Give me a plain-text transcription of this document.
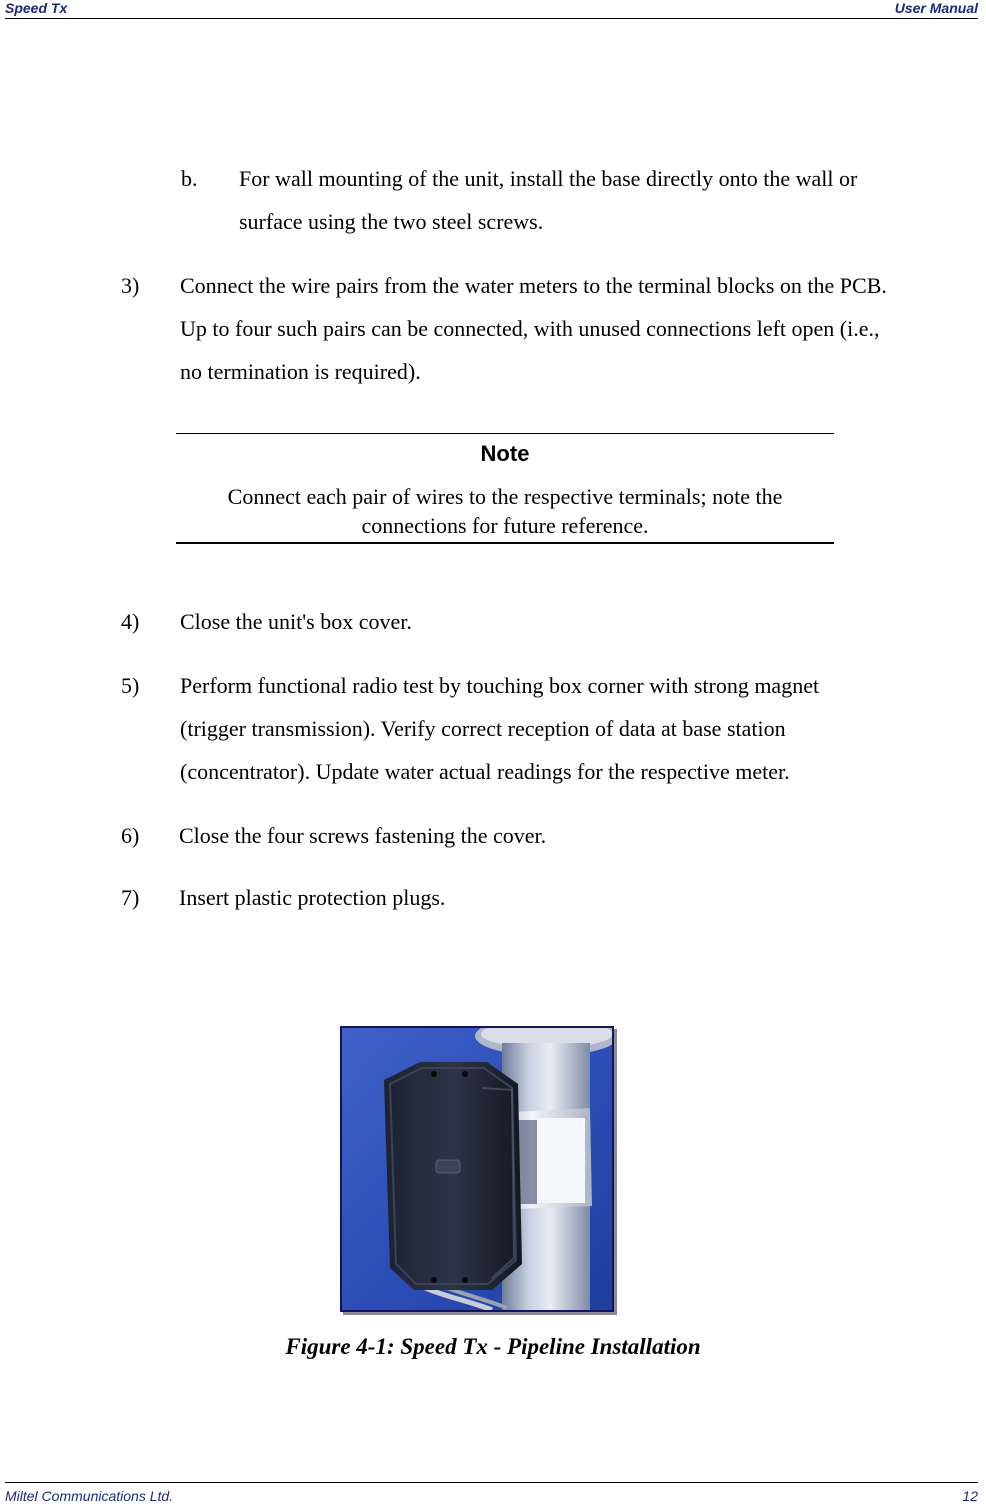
Speed Tx	User Manual
b. For wall mounting of the unit, install the base directly onto the wall or
surface using the two steel screws.
3) Connect the wire pairs from the water meters to the terminal blocks on the PCB.
Up to four such pairs can be connected, with unused connections left open (i.e.,
no termination is required).
Note
Connect each pair of wires to the respective terminals; note the
connections for future reference.
4) Close the unit's box cover.
5) Perform functional radio test by touching box corner with strong magnet
(trigger transmission). Verify correct reception of data at base station
(concentrator). Update water actual readings for the respective meter.
6) Close the four screws fastening the cover.
7) Insert plastic protection plugs.
Figure 4-1: Speed Tx - Pipeline Installation
Miltel Communications Ltd.	12
